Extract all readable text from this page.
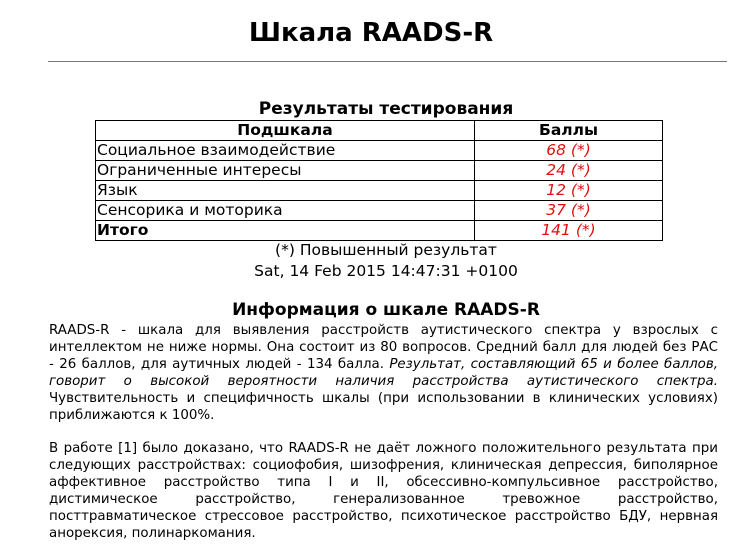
Шкала RAADS-R
Результаты тестирования
Подшкала	Баллы
Социальное взаимодействие	68 (*)
Ограниченные интересы	24 (*)
Язык	12 (*)
Сенсорика и моторика	37 (*)
Итого	141 (*)
(*) Повышенный результат
Sat, 14 Feb 2015 14:47:31 +0100
Информация о шкале RAADS-R

RAADS-R - шкала для выявления расстройств аутистического спектра у взрослых с интеллектом не ниже нормы. Она состоит из 80 вопросов. Средний балл для людей без РАС - 26 баллов, для аутичных людей - 134 балла. Результат, составляющий 65 и более баллов, говорит о высокой вероятности наличия расстройства аутистического спектра. Чувствительность и специфичность шкалы (при использовании в клинических условиях) приближаются к 100%.

В работе [1] было доказано, что RAADS-R не даёт ложного положительного результата при следующих расстройствах: социофобия, шизофрения, клиническая депрессия, биполярное аффективное расстройство типа I и II, обсессивно-компульсивное расстройство, дистимическое расстройство, генерализованное тревожное расстройство, посттравматическое стрессовое расстройство, психотическое расстройство БДУ, нервная анорексия, полинаркомания.
